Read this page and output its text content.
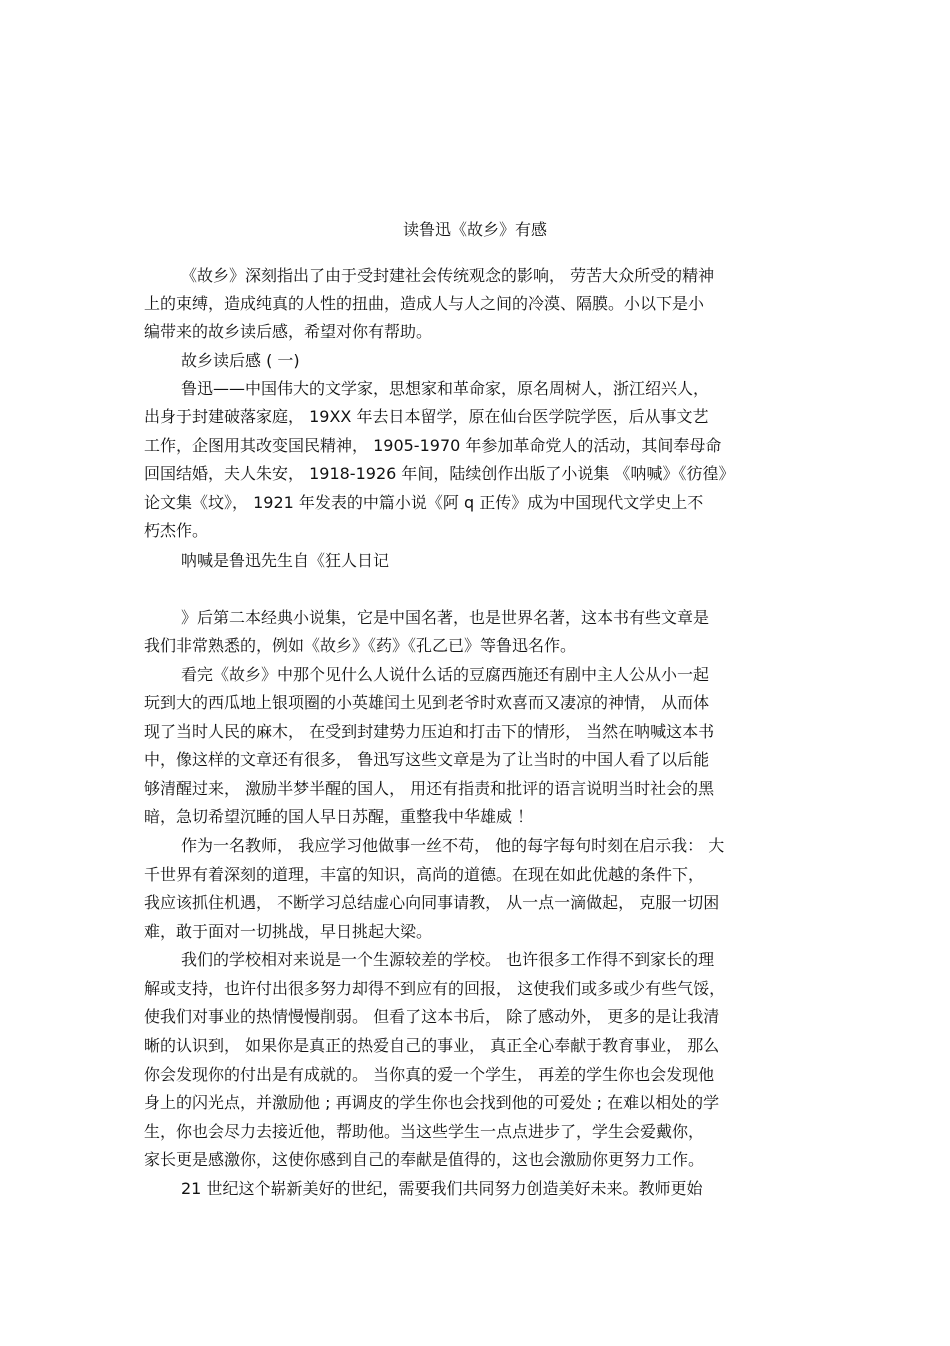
读鲁迅《故乡》有感
《故乡》深刻指出了由于受封建社会传统观念的影响， 劳苦大众所受的精神
上的束缚，造成纯真的人性的扭曲，造成人与人之间的冷漠、隔膜。小以下是小
编带来的故乡读后感，希望对你有帮助。
故乡读后感 ( 一)
鲁迅——中国伟大的文学家，思想家和革命家，原名周树人，浙江绍兴人，
出身于封建破落家庭， 19XX 年去日本留学，原在仙台医学院学医，后从事文艺
工作，企图用其改变国民精神， 1905-1970 年参加革命党人的活动，其间奉母命
回国结婚，夫人朱安， 1918-1926 年间，陆续创作出版了小说集 《呐喊》《彷徨》
论文集《坟》， 1921 年发表的中篇小说《阿 q 正传》成为中国现代文学史上不
朽杰作。
呐喊是鲁迅先生自《狂人日记
》后第二本经典小说集，它是中国名著，也是世界名著，这本书有些文章是
我们非常熟悉的，例如《故乡》《药》《孔乙已》等鲁迅名作。
看完《故乡》中那个见什么人说什么话的豆腐西施还有剧中主人公从小一起
玩到大的西瓜地上银项圈的小英雄闰土见到老爷时欢喜而又凄凉的神情， 从而体
现了当时人民的麻木， 在受到封建势力压迫和打击下的情形， 当然在呐喊这本书
中，像这样的文章还有很多， 鲁迅写这些文章是为了让当时的中国人看了以后能
够清醒过来， 激励半梦半醒的国人， 用还有指责和批评的语言说明当时社会的黑
暗，急切希望沉睡的国人早日苏醒，重整我中华雄威 ！
作为一名教师， 我应学习他做事一丝不苟， 他的每字每句时刻在启示我： 大
千世界有着深刻的道理，丰富的知识，高尚的道德。在现在如此优越的条件下，
我应该抓住机遇， 不断学习总结虚心向同事请教， 从一点一滴做起， 克服一切困
难，敢于面对一切挑战，早日挑起大梁。
我们的学校相对来说是一个生源较差的学校。 也许很多工作得不到家长的理
解或支持，也许付出很多努力却得不到应有的回报， 这使我们或多或少有些气馁，
使我们对事业的热情慢慢削弱。 但看了这本书后， 除了感动外， 更多的是让我清
晰的认识到， 如果你是真正的热爱自己的事业， 真正全心奉献于教育事业， 那么
你会发现你的付出是有成就的。 当你真的爱一个学生， 再差的学生你也会发现他
身上的闪光点，并激励他 ; 再调皮的学生你也会找到他的可爱处 ; 在难以相处的学
生，你也会尽力去接近他，帮助他。当这些学生一点点进步了，学生会爱戴你，
家长更是感激你，这使你感到自己的奉献是值得的，这也会激励你更努力工作。
21 世纪这个崭新美好的世纪，需要我们共同努力创造美好未来。教师更始
